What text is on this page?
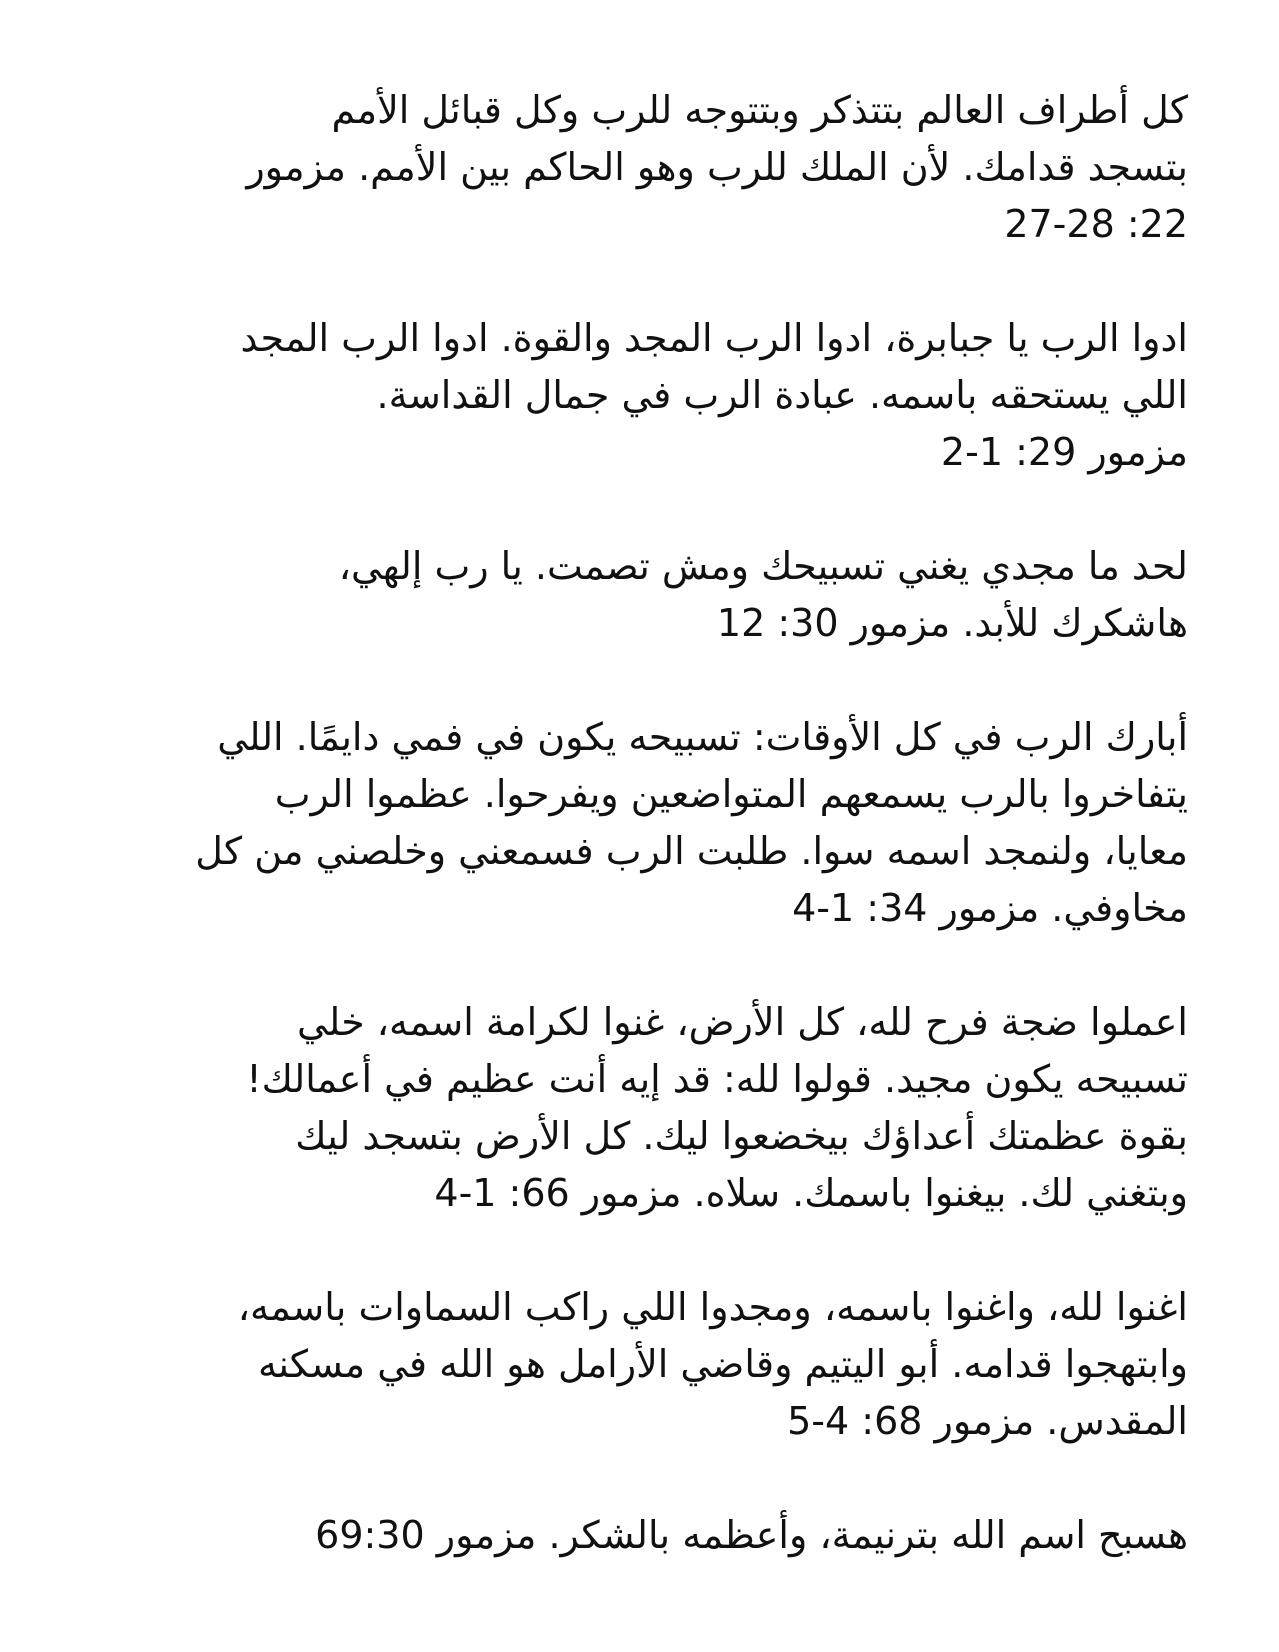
كل أطراف العالم بتتذكر وبتتوجه للرب وكل قبائل الأمم
بتسجد قدامك. لأن الملك للرب وهو الحاكم بين الأمم. مزمور
22: 27-28

ادوا الرب يا جبابرة، ادوا الرب المجد والقوة. ادوا الرب المجد
اللي يستحقه باسمه. عبادة الرب في جمال القداسة.
مزمور 29: 1-2

لحد ما مجدي يغني تسبيحك ومش تصمت. يا رب إلهي،
هاشكرك للأبد. مزمور 30: 12

أبارك الرب في كل الأوقات: تسبيحه يكون في فمي دايمًا. اللي
يتفاخروا بالرب يسمعهم المتواضعين ويفرحوا. عظموا الرب
معايا، ولنمجد اسمه سوا. طلبت الرب فسمعني وخلصني من كل
مخاوفي. مزمور 34: 1-4

اعملوا ضجة فرح لله، كل الأرض، غنوا لكرامة اسمه، خلي
تسبيحه يكون مجيد. قولوا لله: قد إيه أنت عظيم في أعمالك!
بقوة عظمتك أعداؤك بيخضعوا ليك. كل الأرض بتسجد ليك
وبتغني لك. بيغنوا باسمك. سلاه. مزمور 66: 1-4

اغنوا لله، واغنوا باسمه، ومجدوا اللي راكب السماوات باسمه،
وابتهجوا قدامه. أبو اليتيم وقاضي الأرامل هو الله في مسكنه
المقدس. مزمور 68: 4-5

هسبح اسم الله بترنيمة، وأعظمه بالشكر. مزمور 69:30
